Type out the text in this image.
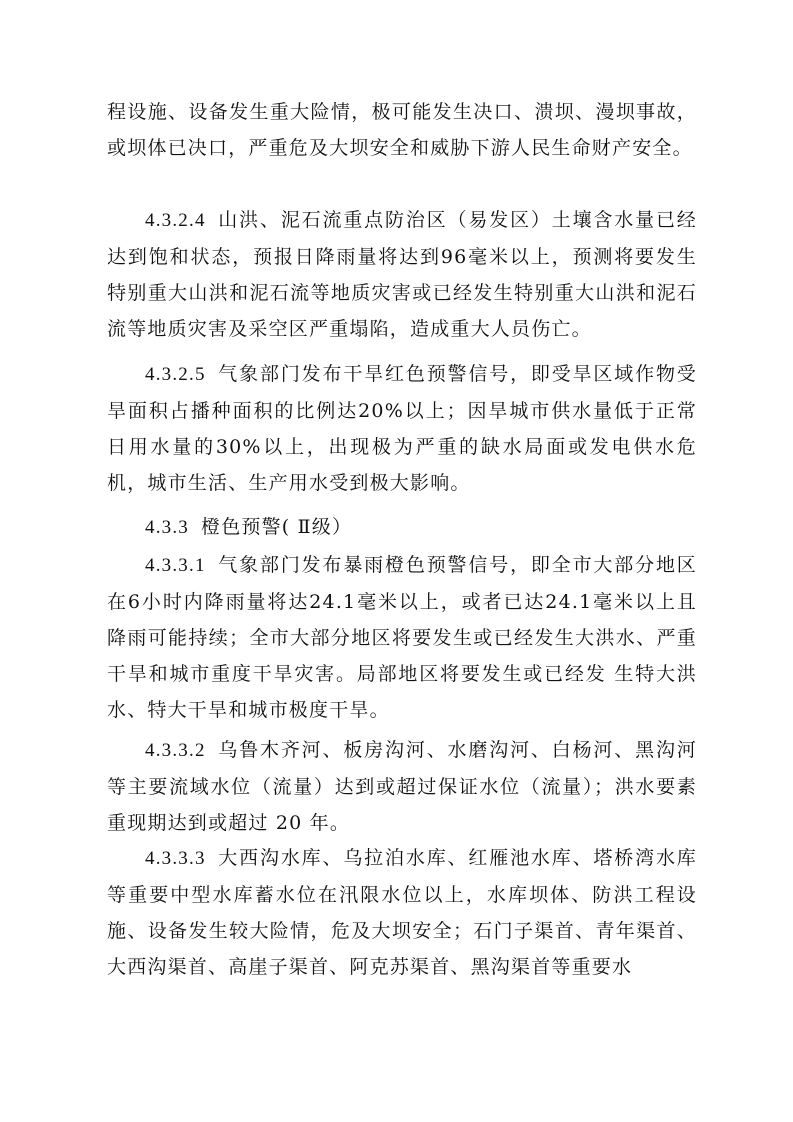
程设施、设备发生重大险情，极可能发生决口、溃坝、漫坝事故，或坝体已决口，严重危及大坝安全和威胁下游人民生命财产安全。

4.3.2.4 山洪、泥石流重点防治区（易发区）土壤含水量已经达到饱和状态，预报日降雨量将达到96毫米以上，预测将要发生特别重大山洪和泥石流等地质灾害或已经发生特别重大山洪和泥石流等地质灾害及采空区严重塌陷，造成重大人员伤亡。

4.3.2.5 气象部门发布干旱红色预警信号，即受旱区域作物受旱面积占播种面积的比例达20%以上；因旱城市供水量低于正常日用水量的30%以上，出现极为严重的缺水局面或发电供水危机，城市生活、生产用水受到极大影响。

4.3.3 橙色预警( Ⅱ级）

4.3.3.1 气象部门发布暴雨橙色预警信号，即全市大部分地区在6小时内降雨量将达24.1毫米以上，或者已达24.1毫米以上且降雨可能持续；全市大部分地区将要发生或已经发生大洪水、严重干旱和城市重度干旱灾害。局部地区将要发生或已经发 生特大洪水、特大干旱和城市极度干旱。

4.3.3.2 乌鲁木齐河、板房沟河、水磨沟河、白杨河、黑沟河等主要流域水位（流量）达到或超过保证水位（流量）；洪水要素重现期达到或超过 20 年。

4.3.3.3 大西沟水库、乌拉泊水库、红雁池水库、塔桥湾水库等重要中型水库蓄水位在汛限水位以上，水库坝体、防洪工程设施、设备发生较大险情，危及大坝安全；石门子渠首、青年渠首、大西沟渠首、高崖子渠首、阿克苏渠首、黑沟渠首等重要水
